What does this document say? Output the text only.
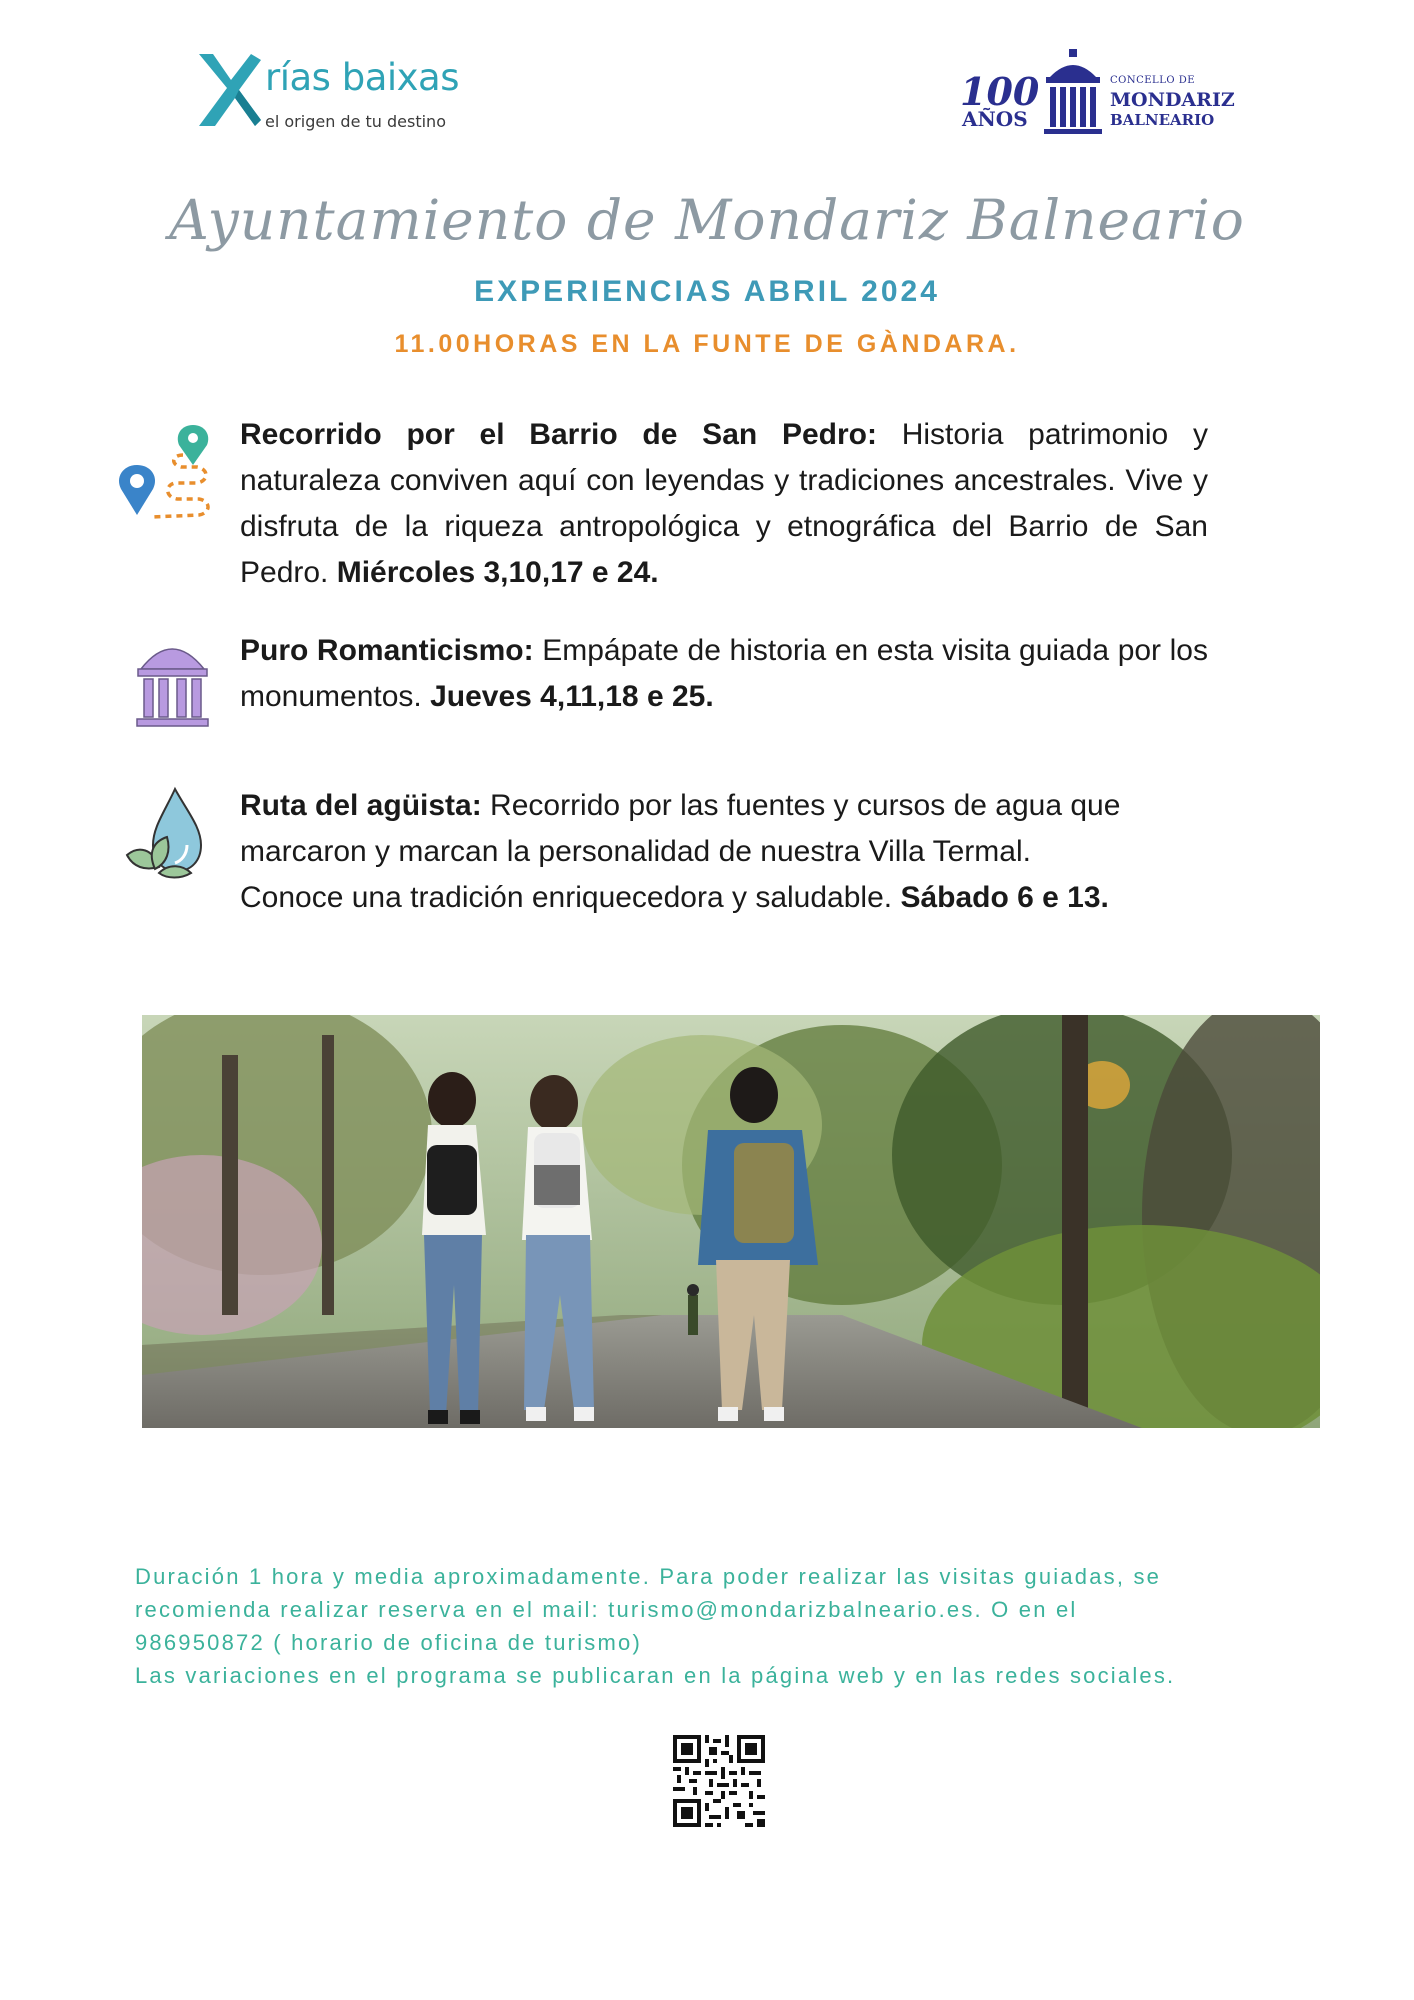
rías baixas
el origen de tu destino
100
AÑOS
CONCELLO DE
MONDARIZ
BALNEARIO
Ayuntamiento de Mondariz Balneario
EXPERIENCIAS ABRIL 2024
11.00HORAS EN LA FUNTE DE GÀNDARA.
Recorrido por el Barrio de San Pedro: Historia patrimonio y naturaleza conviven aquí con leyendas y tradiciones ancestrales. Vive y disfruta de la riqueza antropológica y etnográfica del Barrio de San Pedro. Miércoles 3,10,17 e 24.
Puro Romanticismo: Empápate de historia en esta visita guiada por los monumentos. Jueves 4,11,18 e 25.
Ruta del agüista: Recorrido por las fuentes y cursos de agua que
marcaron y marcan la personalidad de nuestra Villa Termal.
Conoce una tradición enriquecedora y saludable. Sábado 6 e 13.

Duración 1 hora y media aproximadamente. Para poder realizar las visitas guiadas, se

recomienda realizar reserva en el mail: turismo@mondarizbalneario.es. O en el

986950872 ( horario de oficina de turismo)

Las variaciones en el programa se publicaran en la página web y en las redes sociales.
